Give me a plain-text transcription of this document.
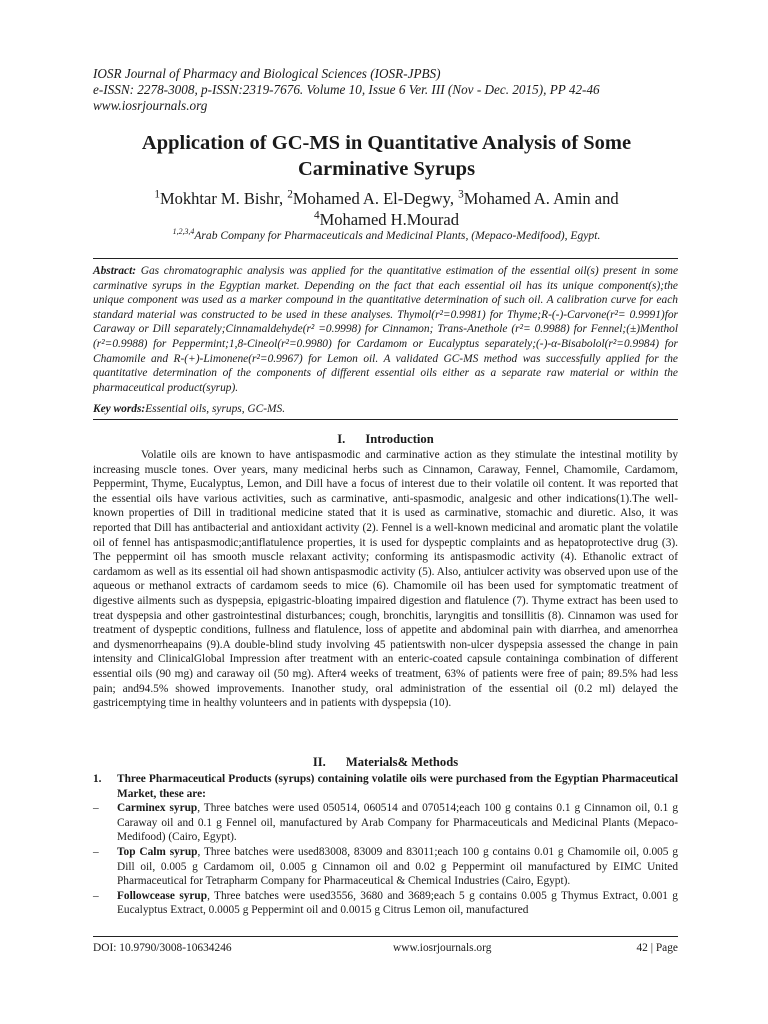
IOSR Journal of Pharmacy and Biological Sciences (IOSR-JPBS)
e-ISSN: 2278-3008, p-ISSN:2319-7676. Volume 10, Issue 6 Ver. III (Nov - Dec. 2015), PP 42-46
www.iosrjournals.org
Application of GC-MS in Quantitative Analysis of Some Carminative Syrups
$^1$Mokhtar M. Bishr, $^2$Mohamed A. El-Degwy, $^3$Mohamed A. Amin and
$^4$Mohamed H.Mourad
$^{1,2,3,4}$Arab Company for Pharmaceuticals and Medicinal Plants, (Mepaco-Medifood), Egypt.
Abstract: Gas chromatographic analysis was applied for the quantitative estimation of the essential oil(s) present in some carminative syrups in the Egyptian market. Depending on the fact that each essential oil has its unique component(s);the unique component was used as a marker compound in the quantitative determination of such oil. A calibration curve for each standard material was constructed to be used in these analyses. Thymol(r²=0.9981) for Thyme;R-(-)-Carvone(r²= 0.9991)for Caraway or Dill separately;Cinnamaldehyde(r² =0.9998) for Cinnamon; Trans-Anethole (r²= 0.9988) for Fennel;(±)Menthol (r²=0.9988) for Peppermint;1,8-Cineol(r²=0.9980) for Cardamom or Eucalyptus separately;(-)-α-Bisabolol(r²=0.9984) for Chamomile and R-(+)-Limonene(r²=0.9967) for Lemon oil. A validated GC-MS method was successfully applied for the quantitative determination of the components of different essential oils either as a separate raw material or within the pharmaceutical product(syrup).
Key words:Essential oils, syrups, GC-MS.
I. Introduction
Volatile oils are known to have antispasmodic and carminative action as they stimulate the intestinal motility by increasing muscle tones. Over years, many medicinal herbs such as Cinnamon, Caraway, Fennel, Chamomile, Cardamom, Peppermint, Thyme, Eucalyptus, Lemon, and Dill have a focus of interest due to their volatile oil content. It was reported that the essential oils have various activities, such as carminative, anti-spasmodic, analgesic and other indications(1).The well-known properties of Dill in traditional medicine stated that it is used as carminative, stomachic and diuretic. Also, it was reported that Dill has antibacterial and antioxidant activity (2). Fennel is a well-known medicinal and aromatic plant the volatile oil of fennel has antispasmodic;antiflatulence properties, it is used for dyspeptic complaints and as hepatoprotective drug (3). The peppermint oil has smooth muscle relaxant activity; conforming its antispasmodic activity (4). Ethanolic extract of cardamom as well as its essential oil had shown antispasmodic activity (5). Also, antiulcer activity was observed upon use of the aqueous or methanol extracts of cardamom seeds to mice (6). Chamomile oil has been used for symptomatic treatment of digestive ailments such as dyspepsia, epigastric-bloating impaired digestion and flatulence (7). Thyme extract has been used to treat dyspepsia and other gastrointestinal disturbances; cough, bronchitis, laryngitis and tonsillitis (8). Cinnamon was used for treatment of dyspeptic conditions, fullness and flatulence, loss of appetite and abdominal pain with diarrhea, and amenorrhea and dysmenorrheapains (9).A double-blind study involving 45 patientswith non-ulcer dyspepsia assessed the change in pain intensity and ClinicalGlobal Impression after treatment with an enteric-coated capsule containinga combination of different essential oils (90 mg) and caraway oil (50 mg). After4 weeks of treatment, 63% of patients were free of pain; 89.5% had less pain; and94.5% showed improvements. Inanother study, oral administration of the essential oil (0.2 ml) delayed the gastricemptying time in healthy volunteers and in patients with dyspepsia (10).
II. Materials& Methods
1. Three Pharmaceutical Products (syrups) containing volatile oils were purchased from the Egyptian Pharmaceutical Market, these are:
– Carminex syrup, Three batches were used 050514, 060514 and 070514;each 100 g contains 0.1 g Cinnamon oil, 0.1 g Caraway oil and 0.1 g Fennel oil, manufactured by Arab Company for Pharmaceuticals and Medicinal Plants (Mepaco-Medifood) (Cairo, Egypt).
– Top Calm syrup, Three batches were used83008, 83009 and 83011;each 100 g contains 0.01 g Chamomile oil, 0.005 g Dill oil, 0.005 g Cardamom oil, 0.005 g Cinnamon oil and 0.02 g Peppermint oil manufactured by EIMC United Pharmaceutical for Tetrapharm Company for Pharmaceutical & Chemical Industries (Cairo, Egypt).
– Followcease syrup, Three batches were used3556, 3680 and 3689;each 5 g contains 0.005 g Thymus Extract, 0.001 g Eucalyptus Extract, 0.0005 g Peppermint oil and 0.0015 g Citrus Lemon oil, manufactured
DOI: 10.9790/3008-10634246	www.iosrjournals.org	42 | Page
